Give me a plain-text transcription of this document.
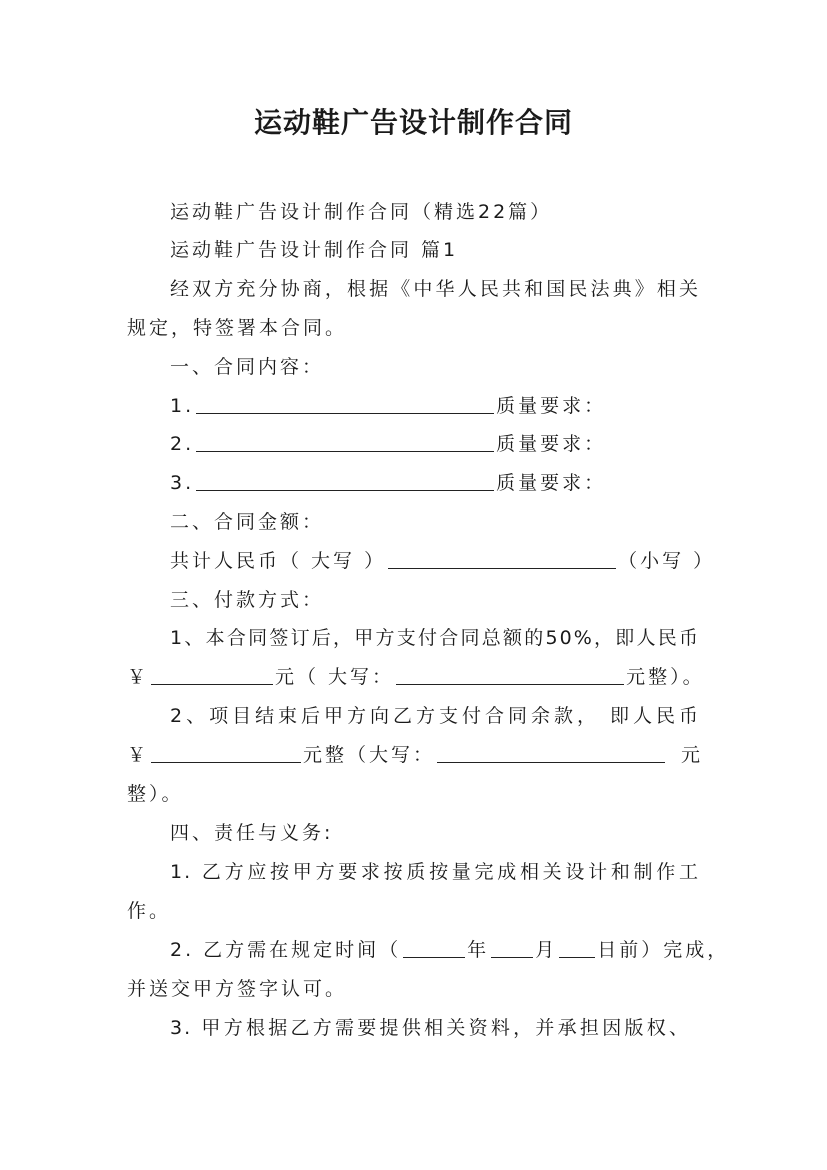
运动鞋广告设计制作合同
运动鞋广告设计制作合同（精选22篇）
运动鞋广告设计制作合同 篇1
经双方充分协商，根据《中华人民共和国民法典》相关
规定，特签署本合同。
一、合同内容：
1.	质量要求：
2.	质量要求：
3.	质量要求：
二、合同金额：
共计人民币（ 大写 ）	（小写 ）
三、付款方式：
1、本合同签订后，甲方支付合同总额的50%，即人民币
￥	元（ 大写：	元整）。
2、项目结束后甲方向乙方支付合同余款， 即人民币
￥	元整（大写：	元
整）。
四、责任与义务:
1. 乙方应按甲方要求按质按量完成相关设计和制作工
作。
2. 乙方需在规定时间（	年 月 日前）完成，
并送交甲方签字认可。
3. 甲方根据乙方需要提供相关资料，并承担因版权、
